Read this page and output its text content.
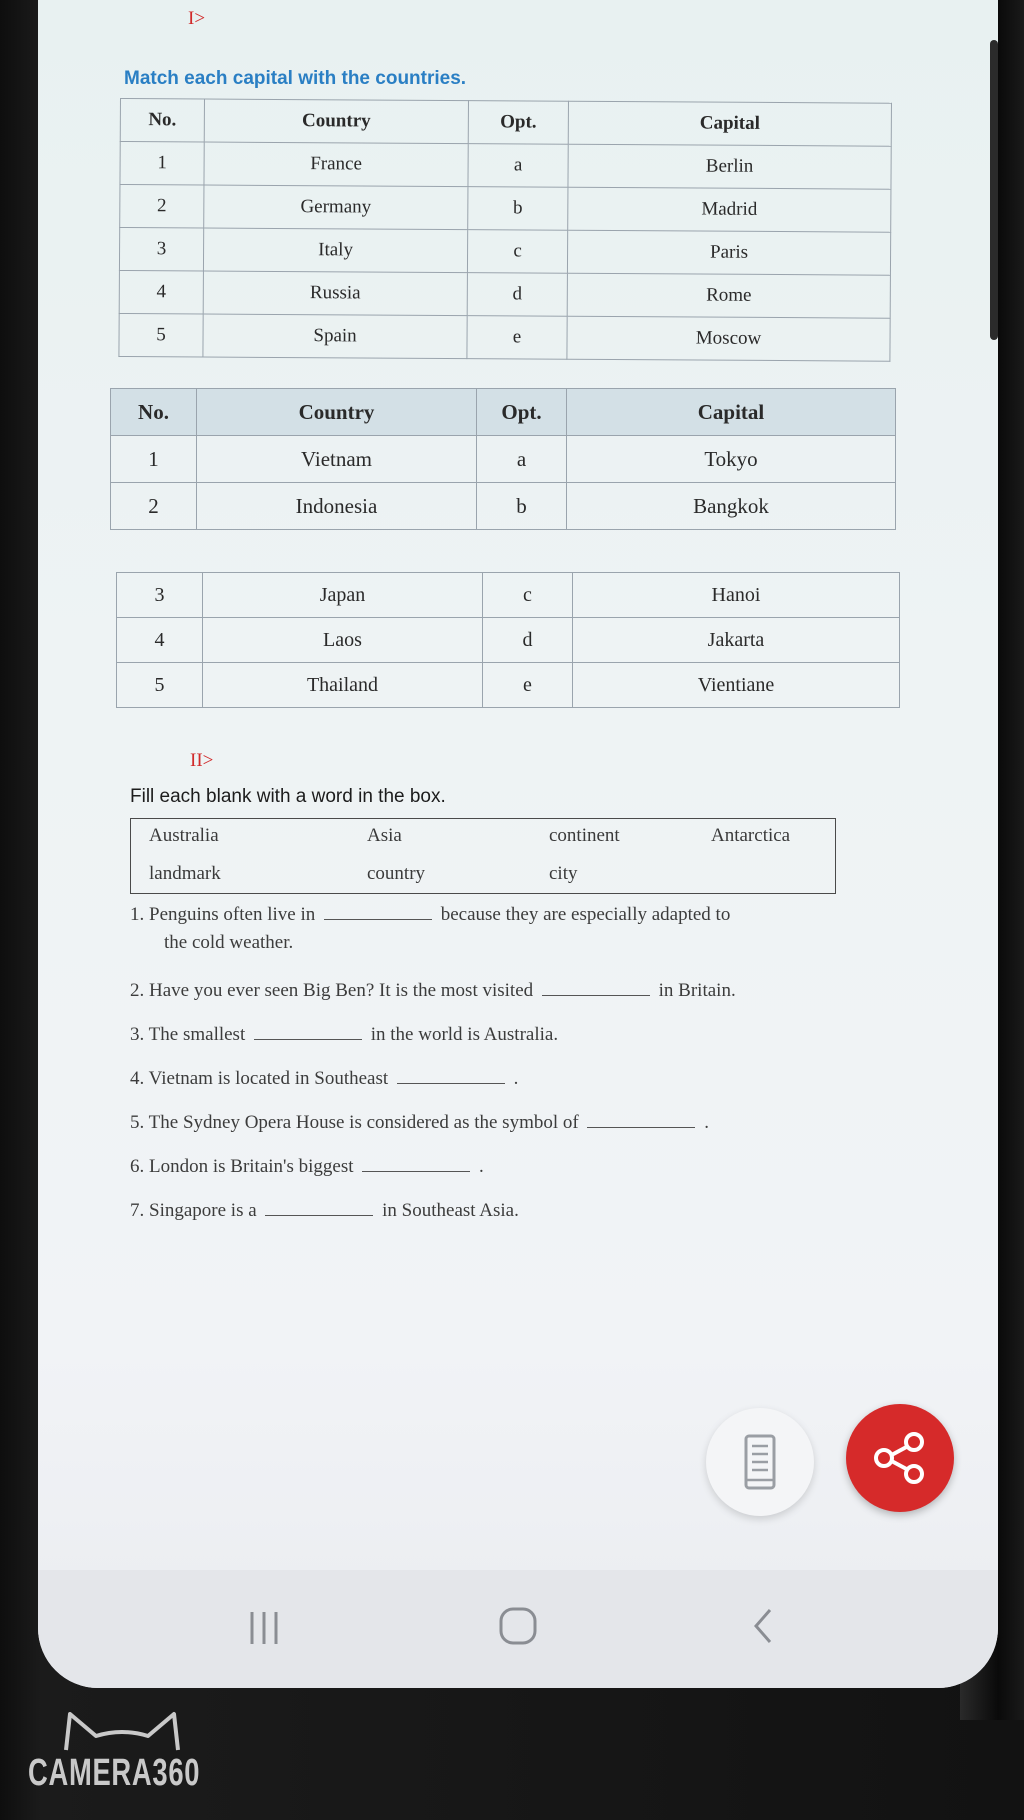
I>
Match each capital with the countries.
No.	Country	Opt.	Capital
1	France	a	Berlin
2	Germany	b	Madrid
3	Italy	c	Paris
4	Russia	d	Rome
5	Spain	e	Moscow
No.	Country	Opt.	Capital
1	Vietnam	a	Tokyo
2	Indonesia	b	Bangkok
3	Japan	c	Hanoi
4	Laos	d	Jakarta
5	Thailand	e	Vientiane
II>
Fill each blank with a word in the box.
Australia	Asia	continent	Antarctica
landmark	country	city
1. Penguins often live in	because they are especially adapted to
the cold weather.
2. Have you ever seen Big Ben? It is the most visited	in Britain.
3. The smallest	in the world is Australia.
4. Vietnam is located in Southeast	.
5. The Sydney Opera House is considered as the symbol of	.
6. London is Britain's biggest	.
7. Singapore is a	in Southeast Asia.
CAMERA360
